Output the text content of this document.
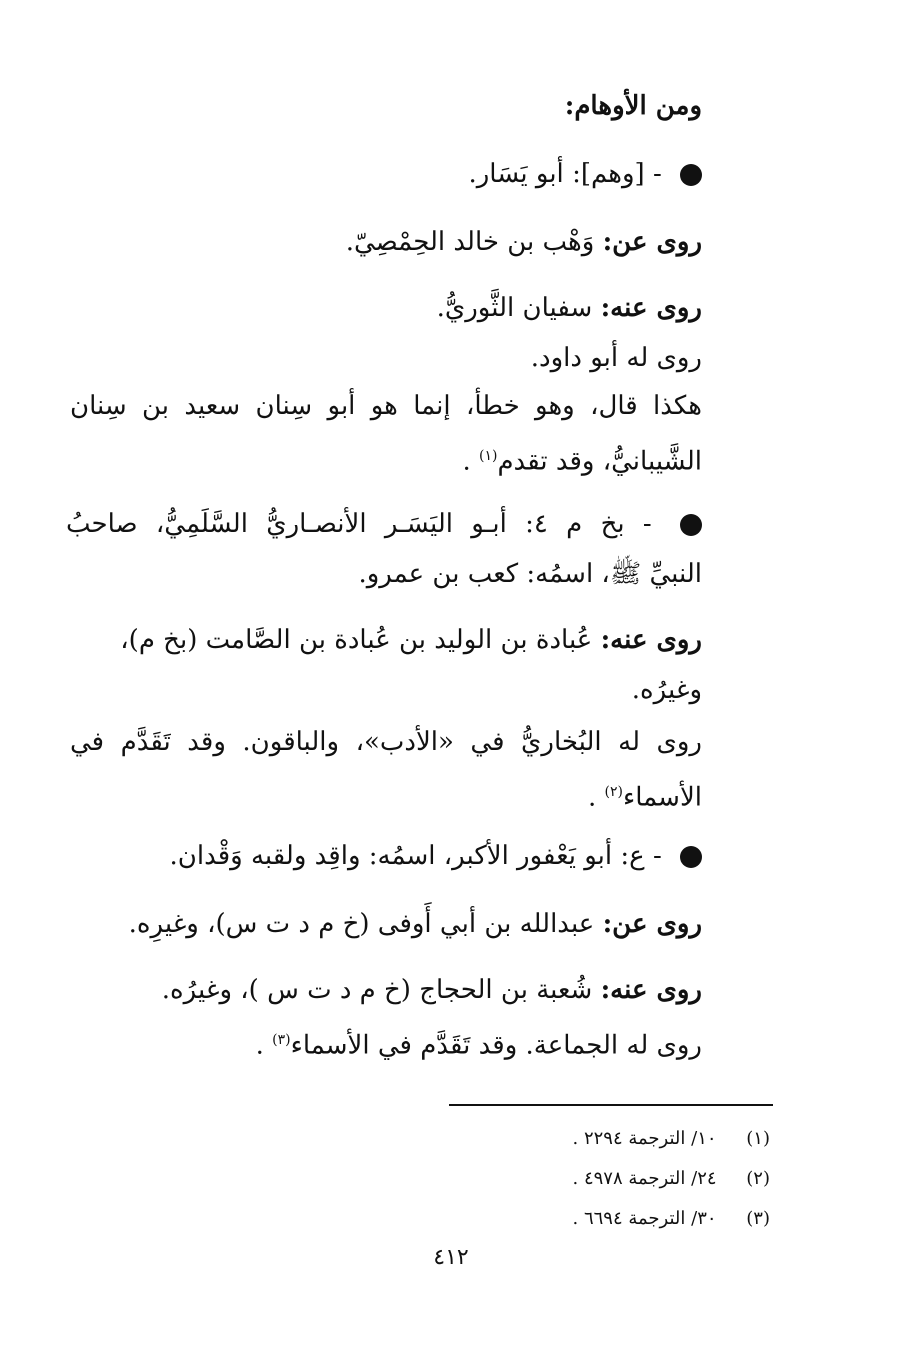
ومن الأوهام:
- [وهم]: أبو يَسَار.
روى عن: وَهْب بن خالد الحِمْصِيّ.
روى عنه: سفيان الثَّوريُّ.
روى له أبو داود.
هكذا قال، وهو خطأ، إنما هو أبو سِنان سعيد بن سِنان
الشَّيبانيُّ، وقد تقدم$^{(١)}$ .
- بخ م ٤: أبـو اليَسَـر الأنصـاريُّ السَّلَمِيُّ، صاحبُ
النبيِّ ﷺ، اسمُه: كعب بن عمرو.
روى عنه: عُبادة بن الوليد بن عُبادة بن الصَّامت (بخ م)،
وغيرُه.
روى له البُخاريُّ في «الأدب»، والباقون. وقد تَقَدَّم في
الأسماء$^{(٢)}$ .
- ع: أبو يَعْفور الأكبر، اسمُه: واقِد ولقبه وَقْدان.
روى عن: عبدالله بن أبي أَوفى (خ م د ت س)، وغيرِه.
روى عنه: شُعبة بن الحجاج (خ م د ت س )، وغيرُه.
روى له الجماعة. وقد تَقَدَّم في الأسماء$^{(٣)}$ .
(١) ١٠/ الترجمة ٢٢٩٤ .
(٢) ٢٤/ الترجمة ٤٩٧٨ .
(٣) ٣٠/ الترجمة ٦٦٩٤ .
٤١٢
